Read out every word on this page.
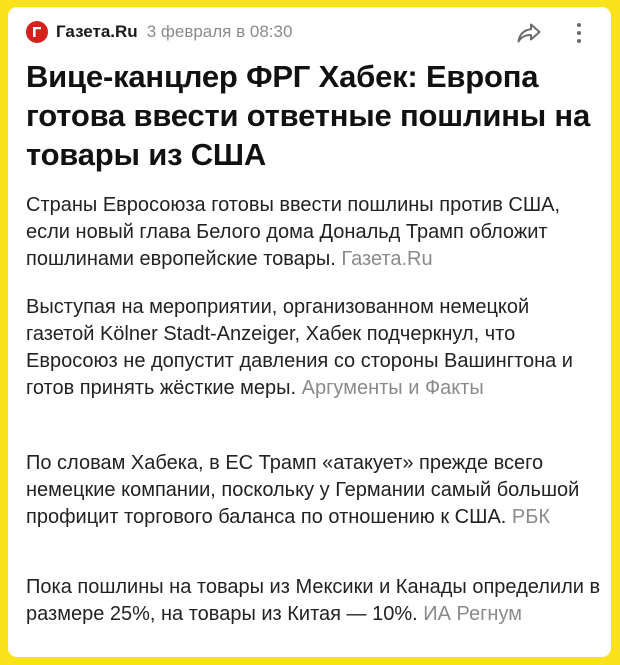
Газета.Ru 3 февраля в 08:30
Вице-канцлер ФРГ Хабек: Европа готова ввести ответные пошлины на товары из США

Страны Евросоюза готовы ввести пошлины против США, если новый глава Белого дома Дональд Трамп обложит пошлинами европейские товары. Газета.Ru

Выступая на мероприятии, организованном немецкой газетой Kölner Stadt-Anzeiger, Хабек подчеркнул, что Евросоюз не допустит давления со стороны Вашингтона и готов принять жёсткие меры. Аргументы и Факты

По словам Хабека, в ЕС Трамп «атакует» прежде всего немецкие компании, поскольку у Германии самый большой профицит торгового баланса по отношению к США. РБК

Пока пошлины на товары из Мексики и Канады определили в размере 25%, на товары из Китая — 10%. ИА Регнум
